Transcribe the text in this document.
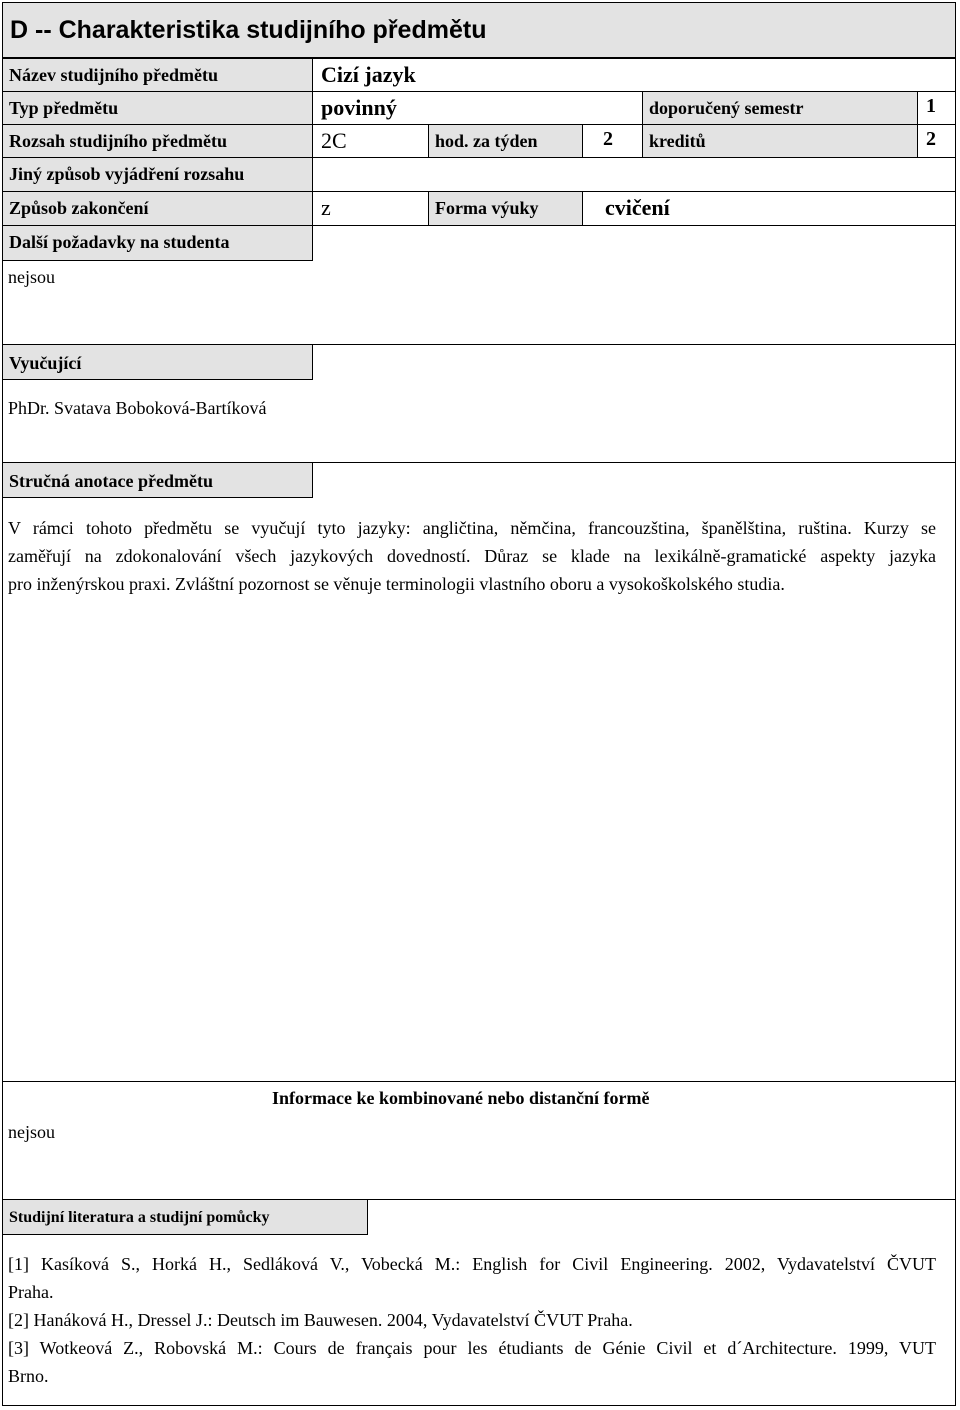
D -- Charakteristika studijního předmětu
Název studijního předmětu	Cizí jazyk
Typ předmětu	povinný	doporučený semestr	1
Rozsah studijního předmětu	2C	hod. za týden	2	kreditů	2
Jiný způsob vyjádření rozsahu
Způsob zakončení	z	Forma výuky	cvičení
Další požadavky na studenta
nejsou
Vyučující
PhDr. Svatava Boboková-Bartíková
Stručná anotace předmětu
V rámci tohoto předmětu se vyučují tyto jazyky: angličtina, němčina, francouzština, španělština, ruština. Kurzy se
zaměřují na zdokonalování všech jazykových dovedností. Důraz se klade na lexikálně-gramatické aspekty jazyka
pro inženýrskou praxi. Zvláštní pozornost se věnuje terminologii vlastního oboru a vysokoškolského studia.
Informace ke kombinované nebo distanční formě
nejsou
Studijní literatura a studijní pomůcky
[1] Kasíková S., Horká H., Sedláková V., Vobecká M.: English for Civil Engineering. 2002, Vydavatelství ČVUT
Praha.
[2] Hanáková H., Dressel J.: Deutsch im Bauwesen. 2004, Vydavatelství ČVUT Praha.
[3] Wotkeová Z., Robovská M.: Cours de français pour les étudiants de Génie Civil et d´Architecture. 1999, VUT
Brno.
